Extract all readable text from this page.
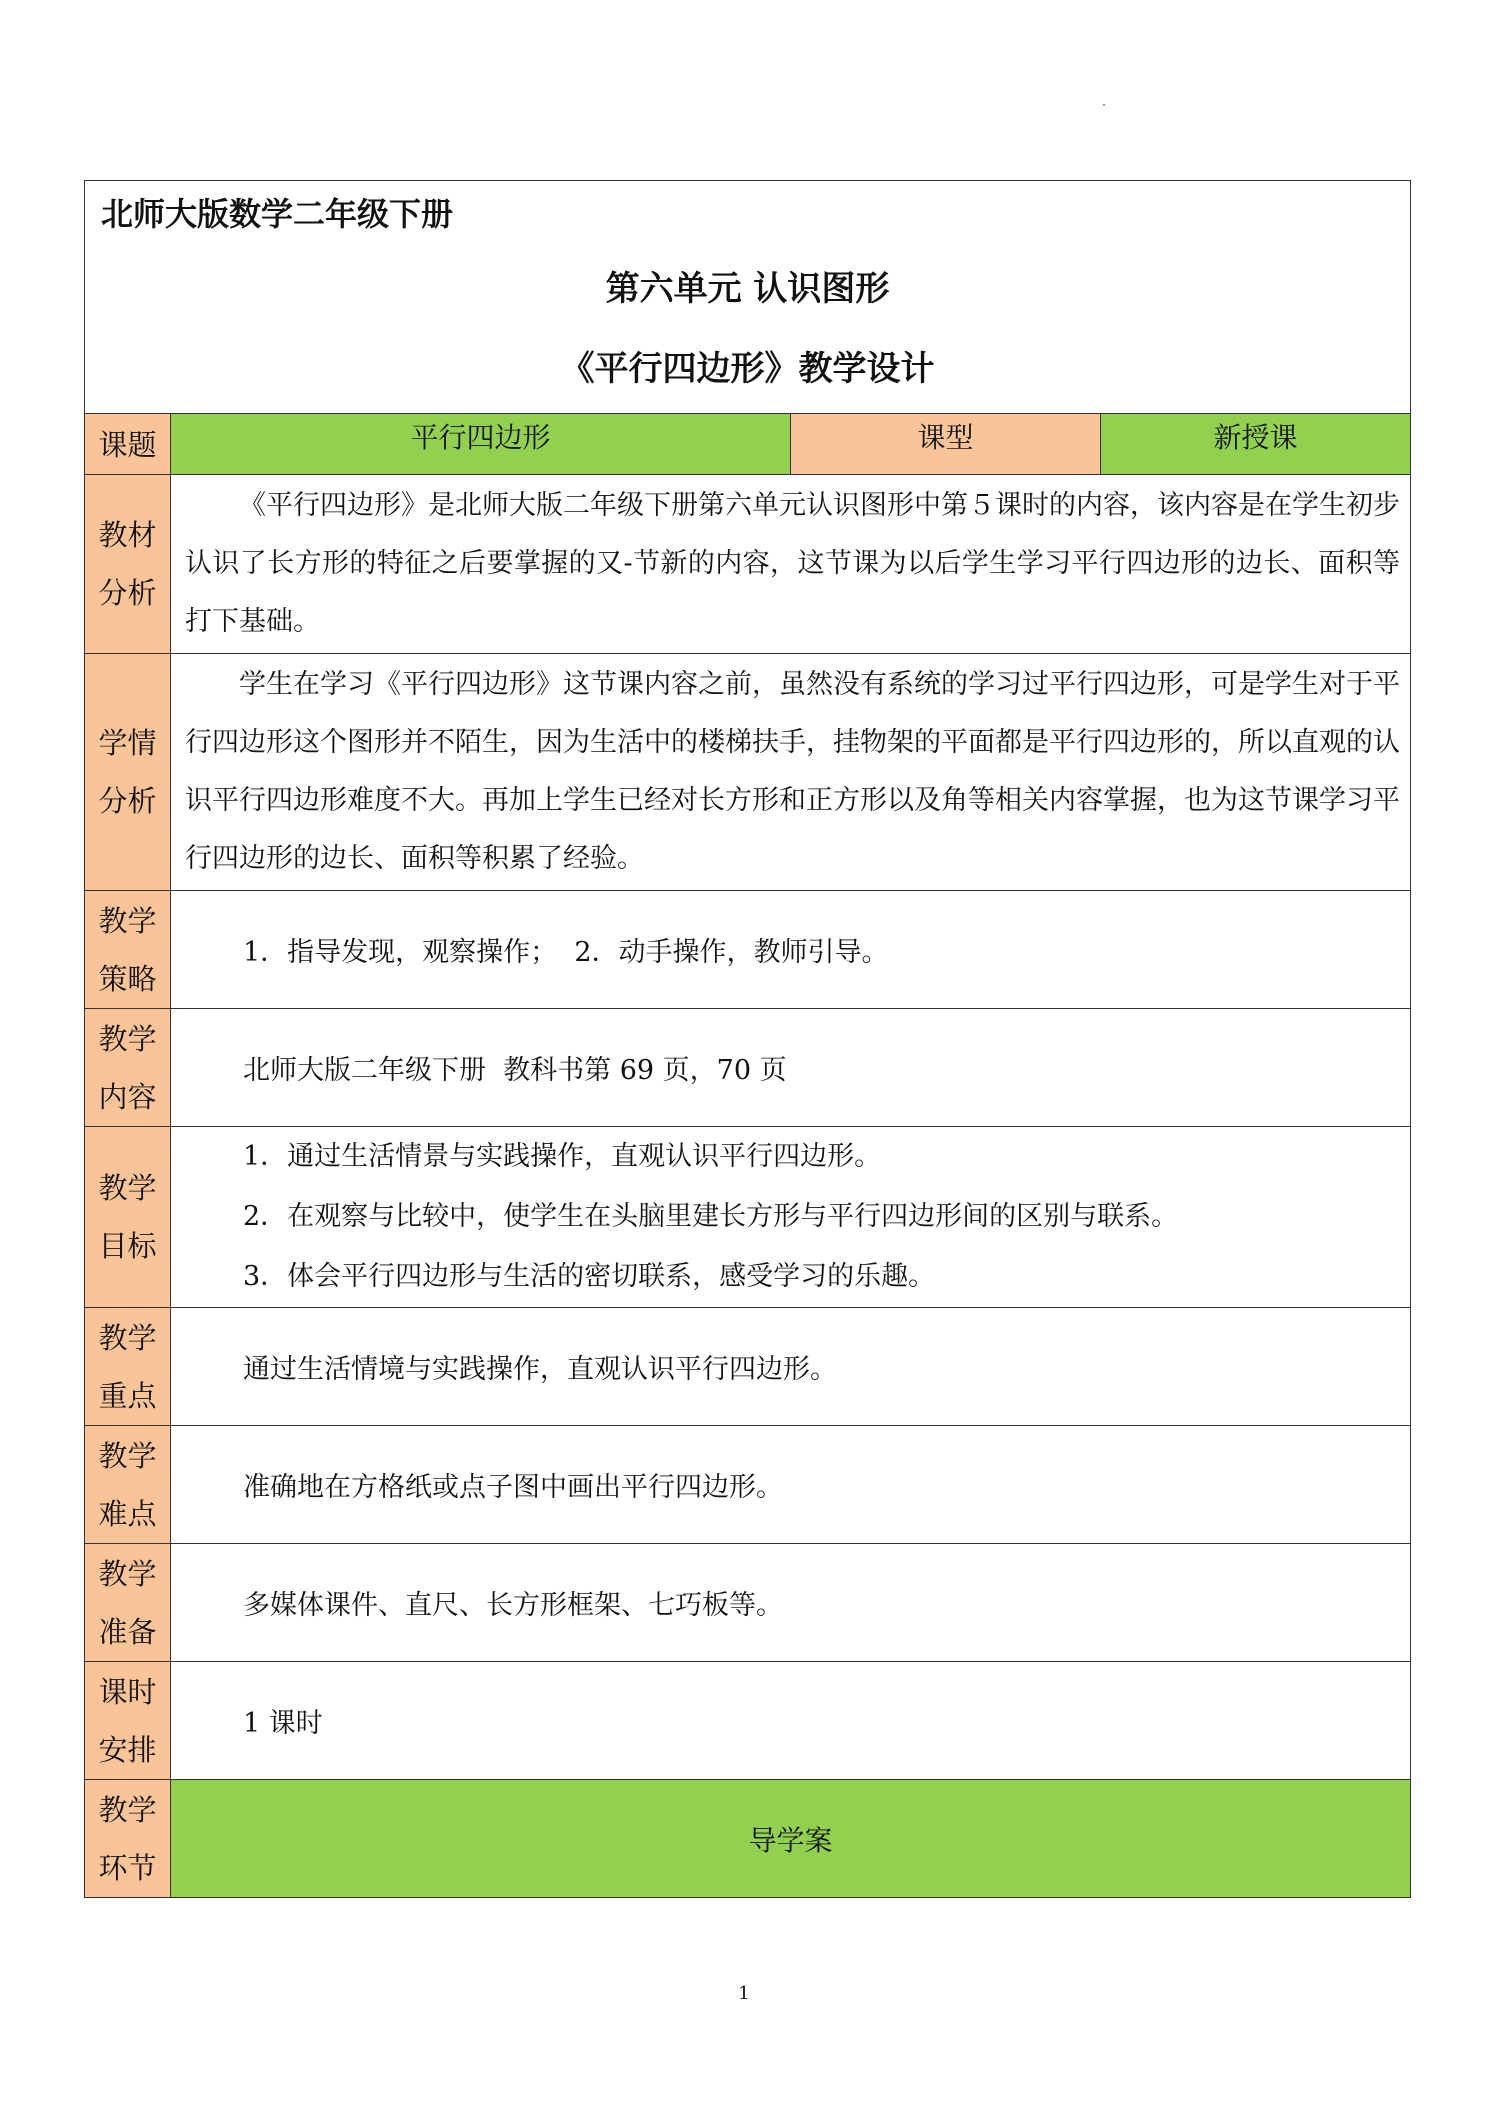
北师大版数学二年级下册
第六单元 认识图形
《平行四边形》教学设计			

课题	平行四边形	课型	新授课
教材分析	《平行四边形》是北师大版二年级下册第六单元认识图形中第５课时的内容，该内容是在学生初步认识了长方形的特征之后要掌握的又-节新的内容，这节课为以后学生学习平行四边形的边长、面积等打下基础。		
学情分析	学生在学习《平行四边形》这节课内容之前，虽然没有系统的学习过平行四边形，可是学生对于平行四边形这个图形并不陌生，因为生活中的楼梯扶手，挂物架的平面都是平行四边形的，所以直观的认识平行四边形难度不大。再加上学生已经对长方形和正方形以及角等相关内容掌握，也为这节课学习平行四边形的边长、面积等积累了经验。		
教学策略	1．指导发现，观察操作；  2．动手操作，教师引导。		
教学内容	北师大版二年级下册  教科书第 69 页，70 页		
教学目标	1．通过生活情景与实践操作，直观认识平行四边形。
2．在观察与比较中，使学生在头脑里建长方形与平行四边形间的区别与联系。
3．体会平行四边形与生活的密切联系，感受学习的乐趣。		

教学重点	通过生活情境与实践操作，直观认识平行四边形。		
教学难点	准确地在方格纸或点子图中画出平行四边形。		
教学准备	多媒体课件、直尺、长方形框架、七巧板等。		
课时安排	1 课时		
教学环节	导学案		
1
